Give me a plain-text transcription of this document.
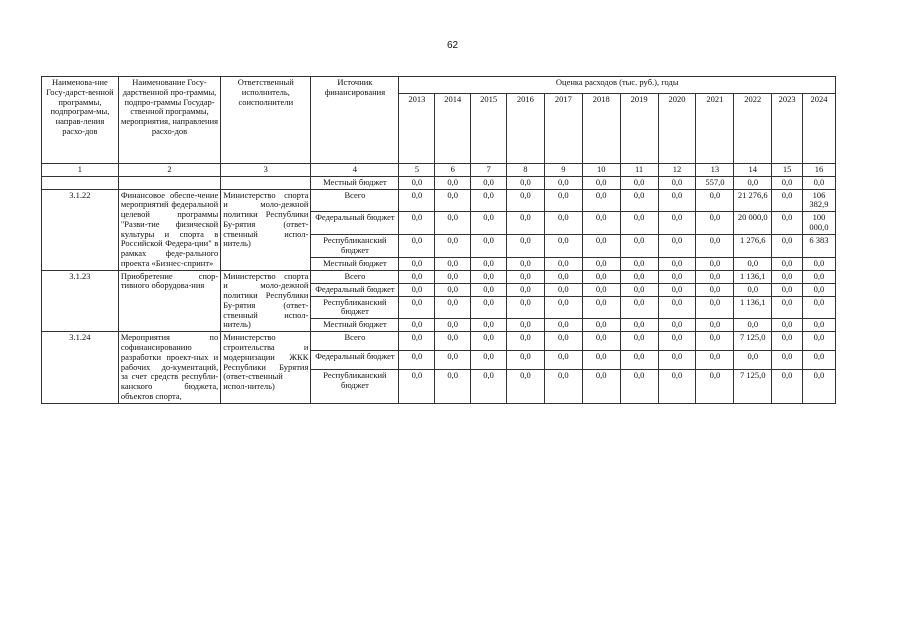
62
Наименова-ние Госу-дарст-венной программы, подпрограм-мы, направ-ления расхо-дов	Наименование Госу-дарственной про-граммы, подпро-граммы Государ-ственной программы, мероприятия, направления расхо-дов	Ответственный исполнитель, соисполнители	Источник финансирования	Оценка расходов (тыс. руб.), годы											
				2013	2014	2015	2016	2017	2018	2019	2020	2021	2022	2023	2024
1	2	3	4	5	6	7	8	9	10	11	12	13	14	15	16
			Местный бюджет	0,0	0,0	0,0	0,0	0,0	0,0	0,0	0,0	557,0	0,0	0,0	0,0
3.1.22	Финансовое обеспе-чение мероприятий федеральной целевой программы "Разви-тие физической культуры и спорта в Российской Федера-ции" в рамках феде-рального проекта «Бизнес-спринт»	Министерство спорта и моло-дежной политики Республики Бу-рятия (ответ-ственный испол-нитель)	Всего	0,0	0,0	0,0	0,0	0,0	0,0	0,0	0,0	0,0	21 276,6	0,0	106 382,9
			Федеральный бюджет	0,0	0,0	0,0	0,0	0,0	0,0	0,0	0,0	0,0	20 000,0	0,0	100 000,0
			Республиканский бюджет	0,0	0,0	0,0	0,0	0,0	0,0	0,0	0,0	0,0	1 276,6	0,0	6 383
			Местный бюджет	0,0	0,0	0,0	0,0	0,0	0,0	0,0	0,0	0,0	0,0	0,0	0,0
3.1.23	Приобретение спор-тивного оборудова-ния	Министерство спорта и моло-дежной политики Республики Бу-рятия (ответ-ственный испол-нитель)	Всего	0,0	0,0	0,0	0,0	0,0	0,0	0,0	0,0	0,0	1 136,1	0,0	0,0
			Федеральный бюджет	0,0	0,0	0,0	0,0	0,0	0,0	0,0	0,0	0,0	0,0	0,0	0,0
			Республиканский бюджет	0,0	0,0	0,0	0,0	0,0	0,0	0,0	0,0	0,0	1 136,1	0,0	0,0
			Местный бюджет	0,0	0,0	0,0	0,0	0,0	0,0	0,0	0,0	0,0	0,0	0,0	0,0
3.1.24	Мероприятия по софинансированию разработки проект-ных и рабочих до-кументаций, за счет средств республи-канского бюджета, объектов спорта,	Министерство строительства и модернизации ЖКК Республики Бурятия (ответ-ственный испол-нитель)	Всего	0,0	0,0	0,0	0,0	0,0	0,0	0,0	0,0	0,0	7 125,0	0,0	0,0
			Федеральный бюджет	0,0	0,0	0,0	0,0	0,0	0,0	0,0	0,0	0,0	0,0	0,0	0,0
			Республиканский бюджет	0,0	0,0	0,0	0,0	0,0	0,0	0,0	0,0	0,0	7 125,0	0,0	0,0
